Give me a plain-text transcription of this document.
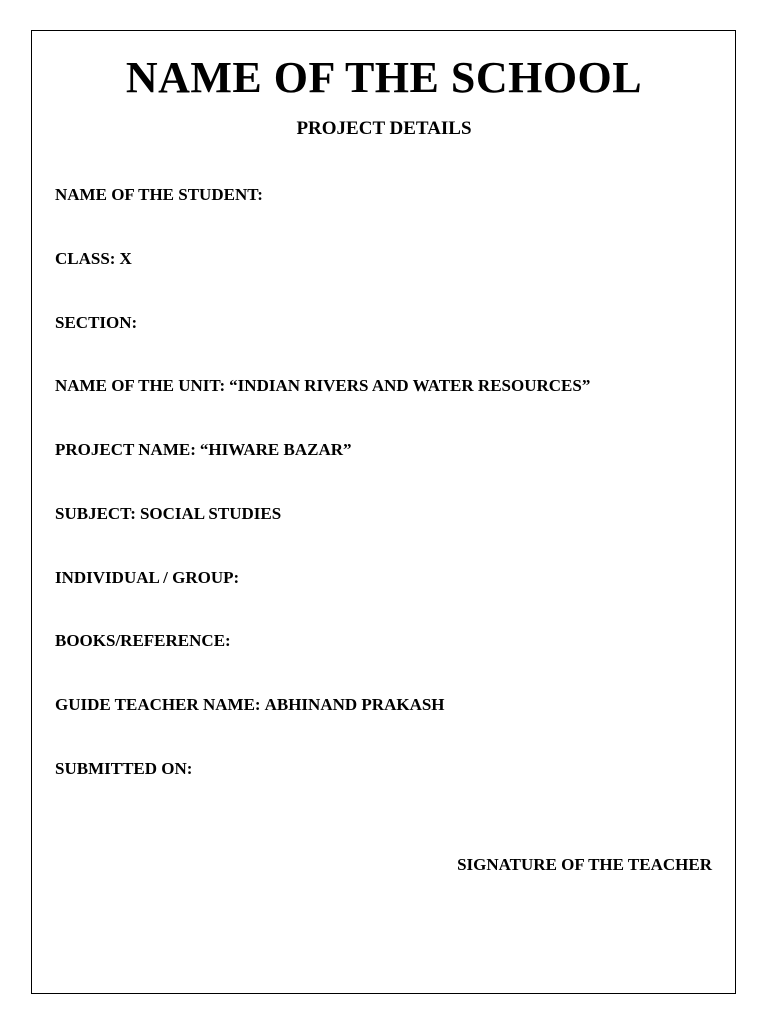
NAME OF THE SCHOOL
PROJECT DETAILS
NAME OF THE STUDENT:
CLASS: X
SECTION:
NAME OF THE UNIT: “INDIAN RIVERS AND WATER RESOURCES”
PROJECT NAME: “HIWARE BAZAR”
SUBJECT: SOCIAL STUDIES
INDIVIDUAL / GROUP:
BOOKS/REFERENCE:
GUIDE TEACHER NAME: ABHINAND PRAKASH
SUBMITTED ON:
SIGNATURE OF THE TEACHER
